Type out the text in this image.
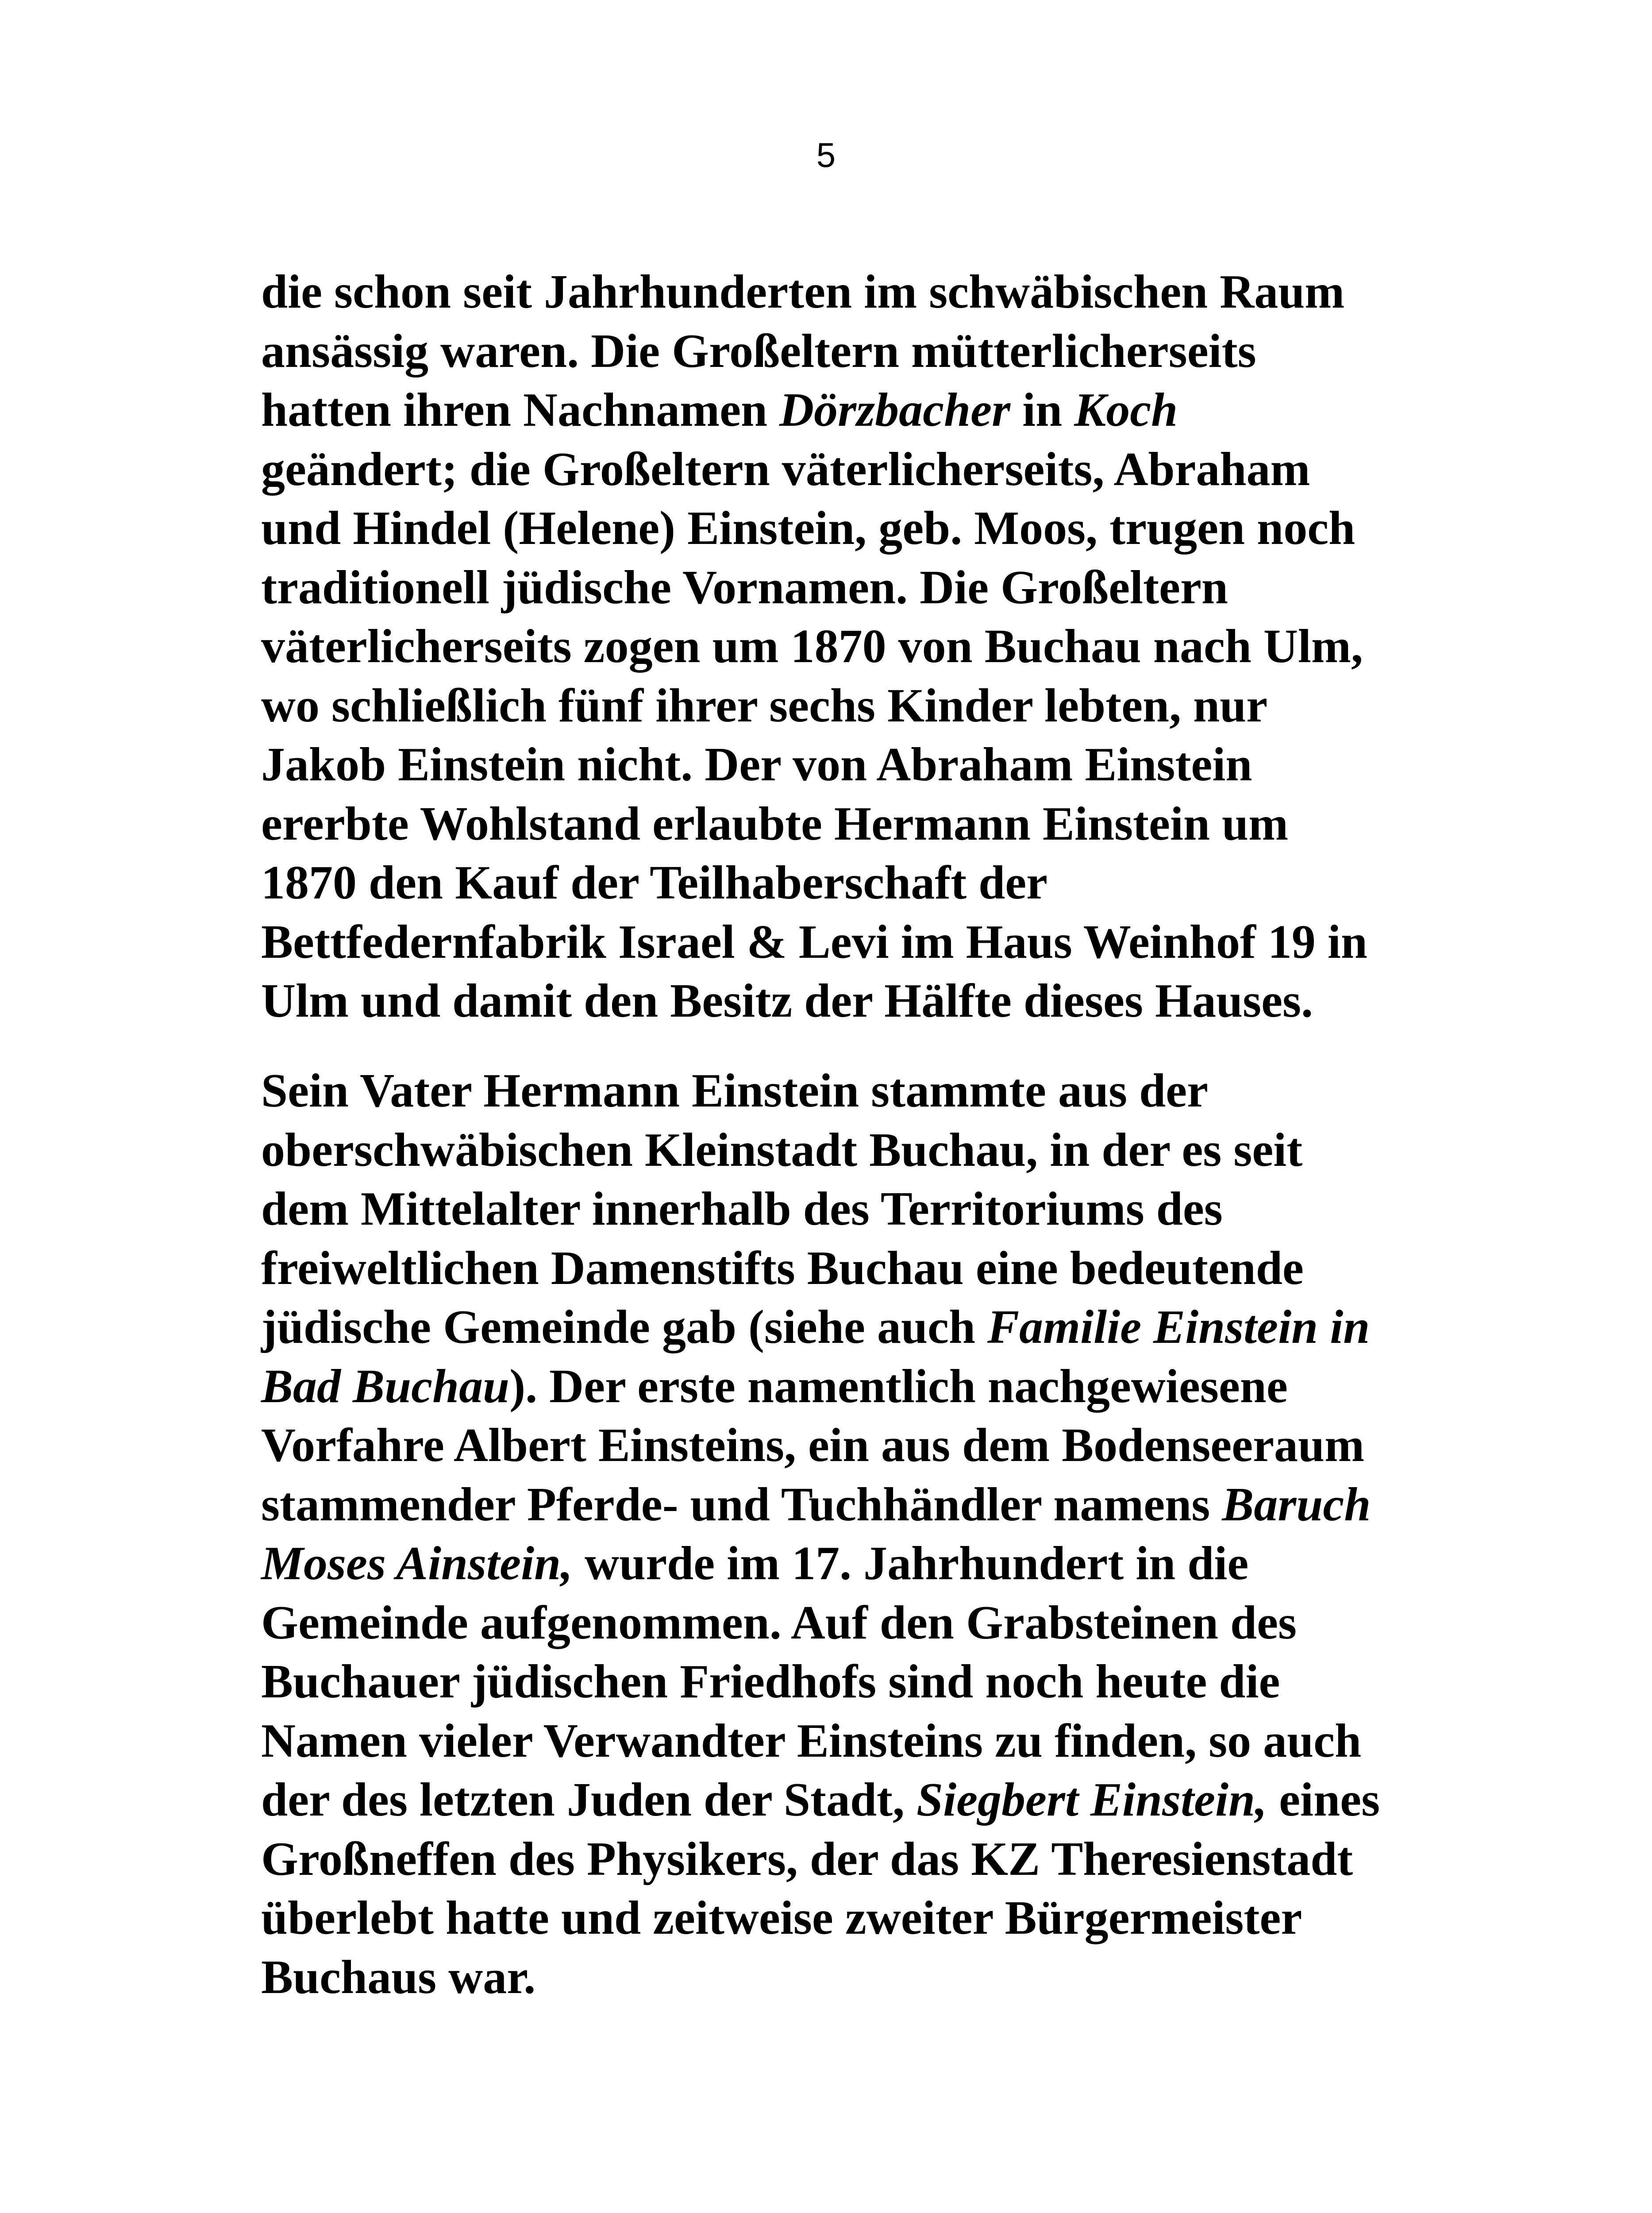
5
die schon seit Jahrhunderten im schwäbischen Raum
ansässig waren. Die Großeltern mütterlicherseits
hatten ihren Nachnamen Dörzbacher in Koch
geändert; die Großeltern väterlicherseits, Abraham
und Hindel (Helene) Einstein, geb. Moos, trugen noch
traditionell jüdische Vornamen. Die Großeltern
väterlicherseits zogen um 1870 von Buchau nach Ulm,
wo schließlich fünf ihrer sechs Kinder lebten, nur
Jakob Einstein nicht. Der von Abraham Einstein
ererbte Wohlstand erlaubte Hermann Einstein um
1870 den Kauf der Teilhaberschaft der
Bettfedernfabrik Israel & Levi im Haus Weinhof 19 in
Ulm und damit den Besitz der Hälfte dieses Hauses.
Sein Vater Hermann Einstein stammte aus der
oberschwäbischen Kleinstadt Buchau, in der es seit
dem Mittelalter innerhalb des Territoriums des
freiweltlichen Damenstifts Buchau eine bedeutende
jüdische Gemeinde gab (siehe auch Familie Einstein in
Bad Buchau). Der erste namentlich nachgewiesene
Vorfahre Albert Einsteins, ein aus dem Bodenseeraum
stammender Pferde- und Tuchhändler namens Baruch
Moses Ainstein, wurde im 17. Jahrhundert in die
Gemeinde aufgenommen. Auf den Grabsteinen des
Buchauer jüdischen Friedhofs sind noch heute die
Namen vieler Verwandter Einsteins zu finden, so auch
der des letzten Juden der Stadt, Siegbert Einstein, eines
Großneffen des Physikers, der das KZ Theresienstadt
überlebt hatte und zeitweise zweiter Bürgermeister
Buchaus war.
